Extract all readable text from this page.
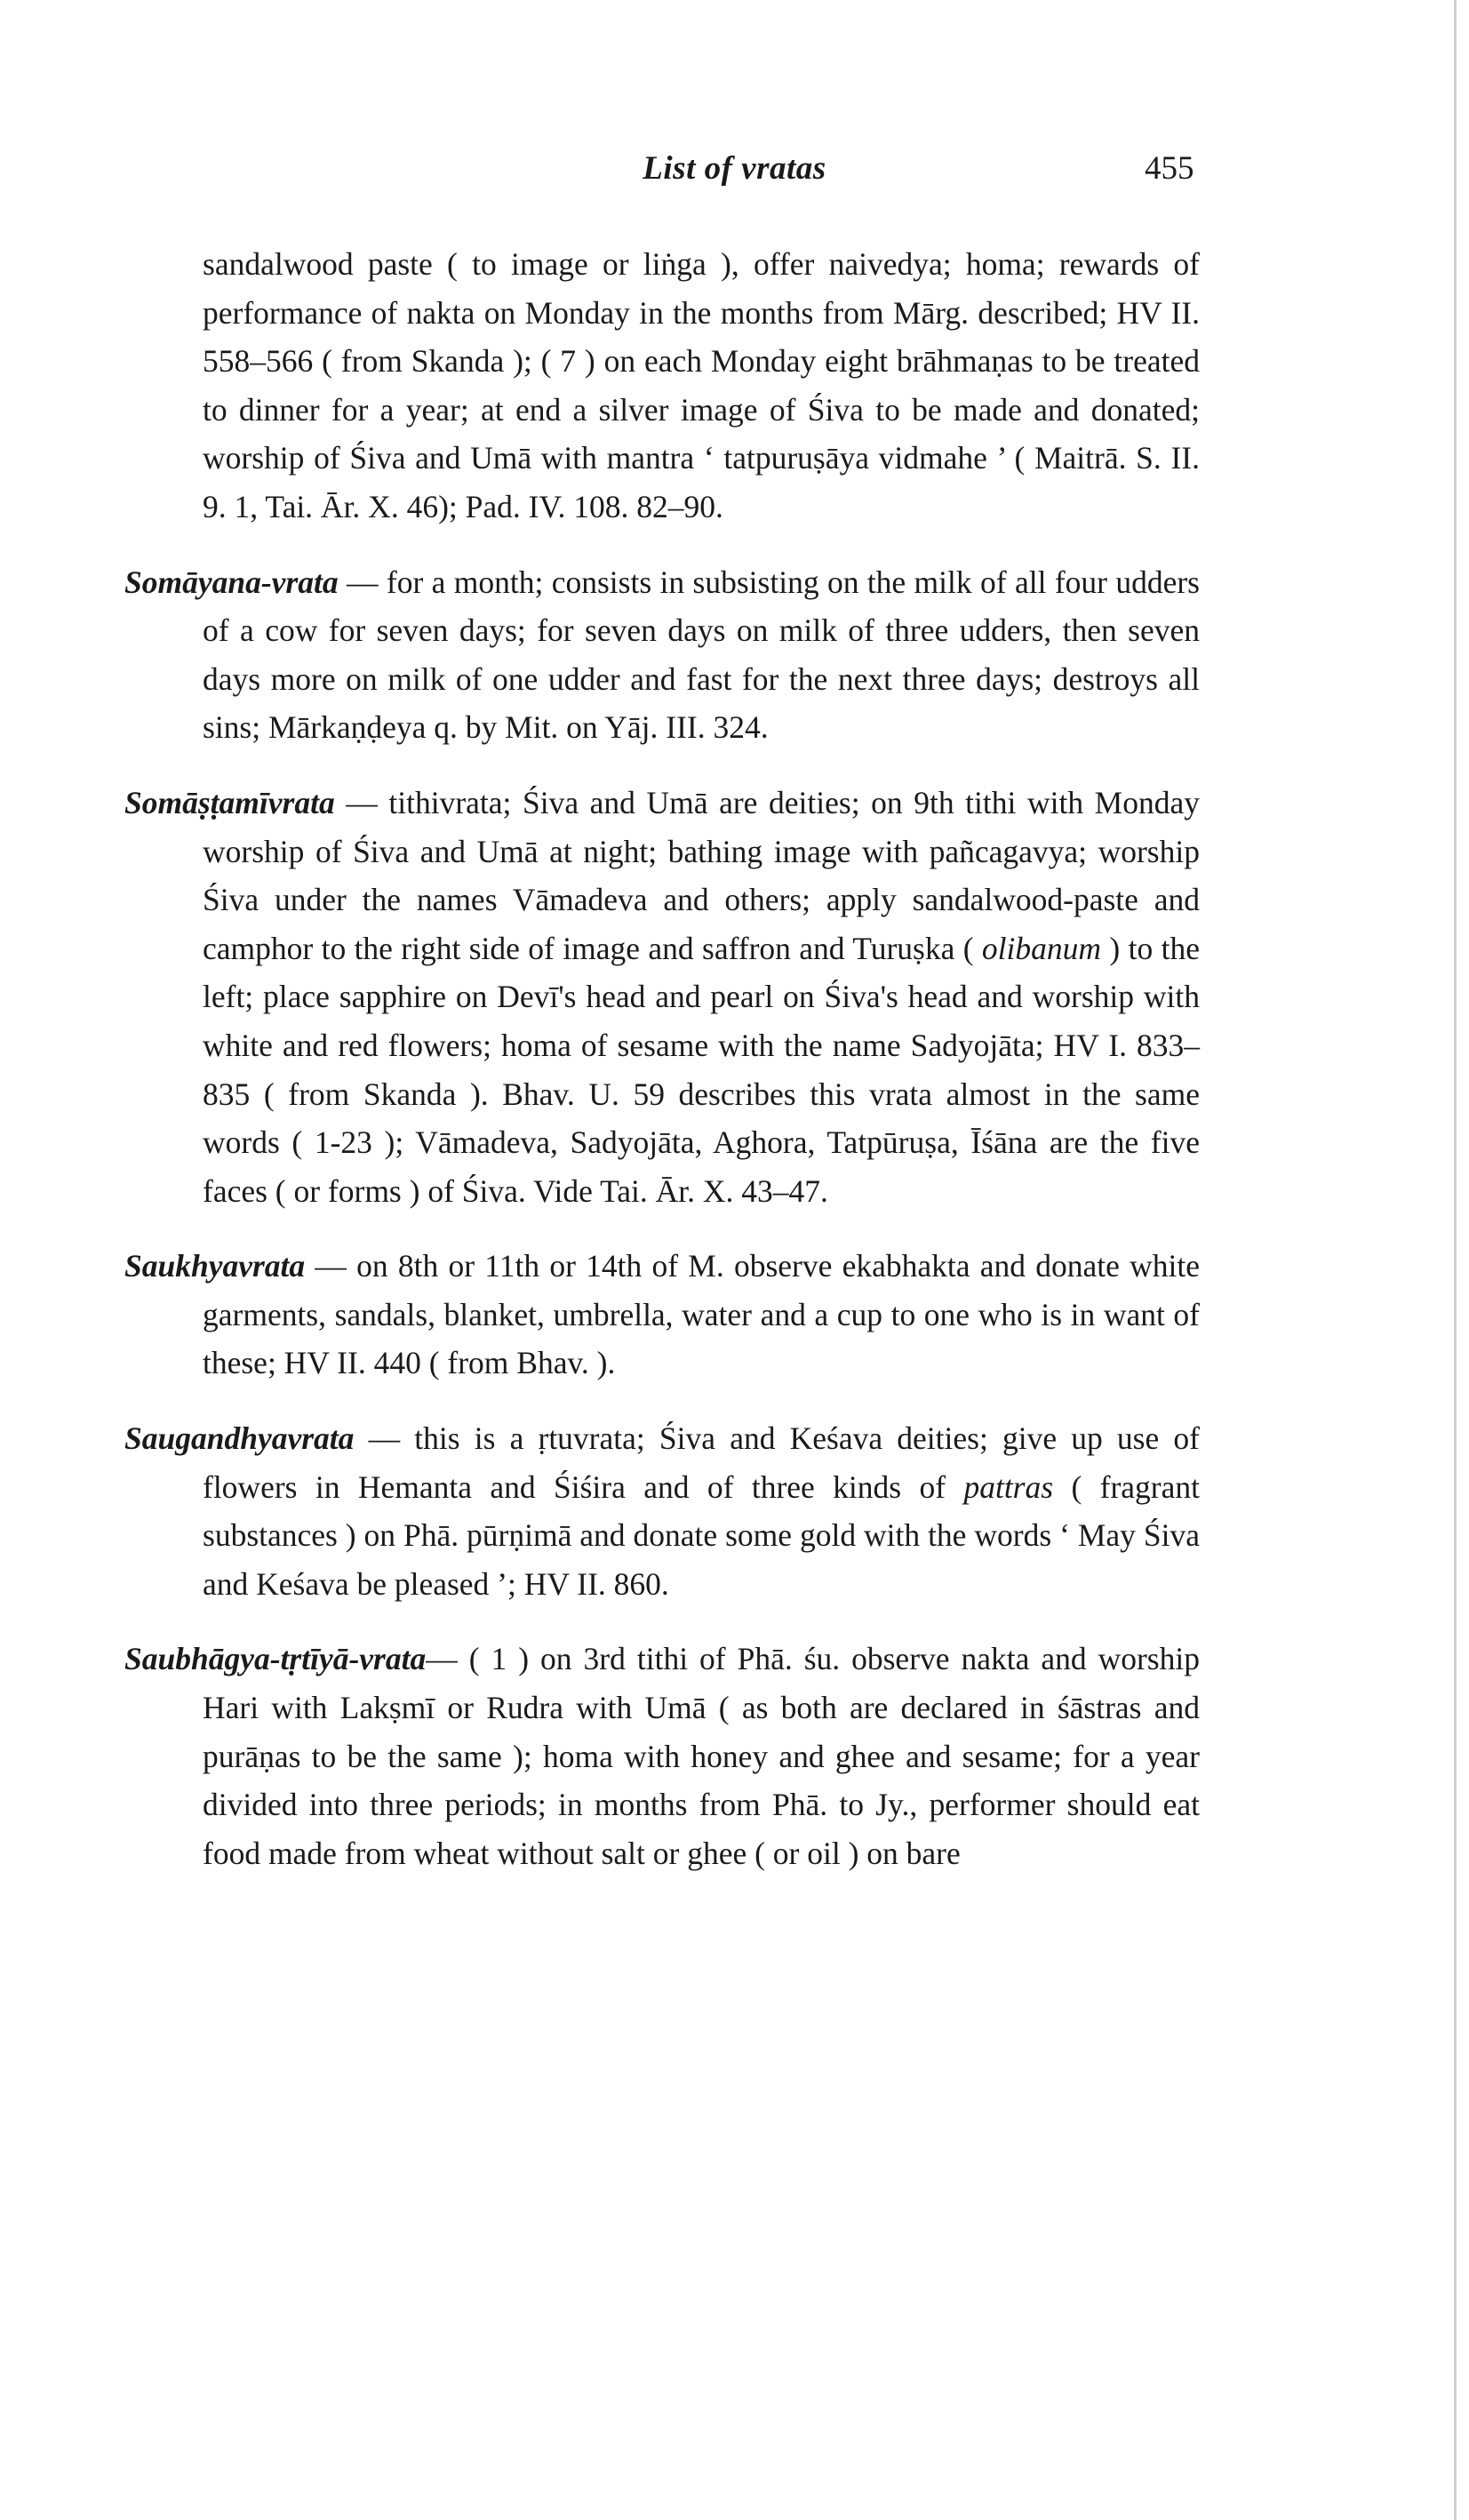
List of vratas	455

sandalwood paste ( to image or liṅga ), offer naivedya; homa; rewards of performance of nakta on Monday in the months from Mārg. described; HV II. 558–566 ( from Skanda ); ( 7 ) on each Monday eight brāhmaṇas to be treated to dinner for a year; at end a silver image of Śiva to be made and donated; worship of Śiva and Umā with mantra ‘ tatpuruṣāya vidmahe ’ ( Maitrā. S. II. 9. 1, Tai. Ār. X. 46); Pad. IV. 108. 82–90.

Somāyana-vrata — for a month; consists in subsisting on the milk of all four udders of a cow for seven days; for seven days on milk of three udders, then seven days more on milk of one udder and fast for the next three days; destroys all sins; Mārkaṇḍeya q. by Mit. on Yāj. III. 324.

Somāṣṭamīvrata — tithivrata; Śiva and Umā are deities; on 9th tithi with Monday worship of Śiva and Umā at night; bathing image with pañcagavya; worship Śiva under the names Vāmadeva and others; apply sandalwood-paste and camphor to the right side of image and saffron and Turuṣka ( olibanum ) to the left; place sapphire on Devī's head and pearl on Śiva's head and worship with white and red flowers; homa of sesame with the name Sadyojāta; HV I. 833–835 ( from Skanda ). Bhav. U. 59 describes this vrata almost in the same words ( 1-23 ); Vāmadeva, Sadyojāta, Aghora, Tatpūruṣa, Īśāna are the five faces ( or forms ) of Śiva. Vide Tai. Ār. X. 43–47.

Saukhyavrata — on 8th or 11th or 14th of M. observe ekabhakta and donate white garments, sandals, blanket, umbrella, water and a cup to one who is in want of these; HV II. 440 ( from Bhav. ).

Saugandhyavrata — this is a ṛtuvrata; Śiva and Keśava deities; give up use of flowers in Hemanta and Śiśira and of three kinds of pattras ( fragrant substances ) on Phā. pūrṇimā and donate some gold with the words ‘ May Śiva and Keśava be pleased ’; HV II. 860.

Saubhāgya-tṛtīyā-vrata— ( 1 ) on 3rd tithi of Phā. śu. observe nakta and worship Hari with Lakṣmī or Rudra with Umā ( as both are declared in śāstras and purāṇas to be the same ); homa with honey and ghee and sesame; for a year divided into three periods; in months from Phā. to Jy., performer should eat food made from wheat without salt or ghee ( or oil ) on bare
